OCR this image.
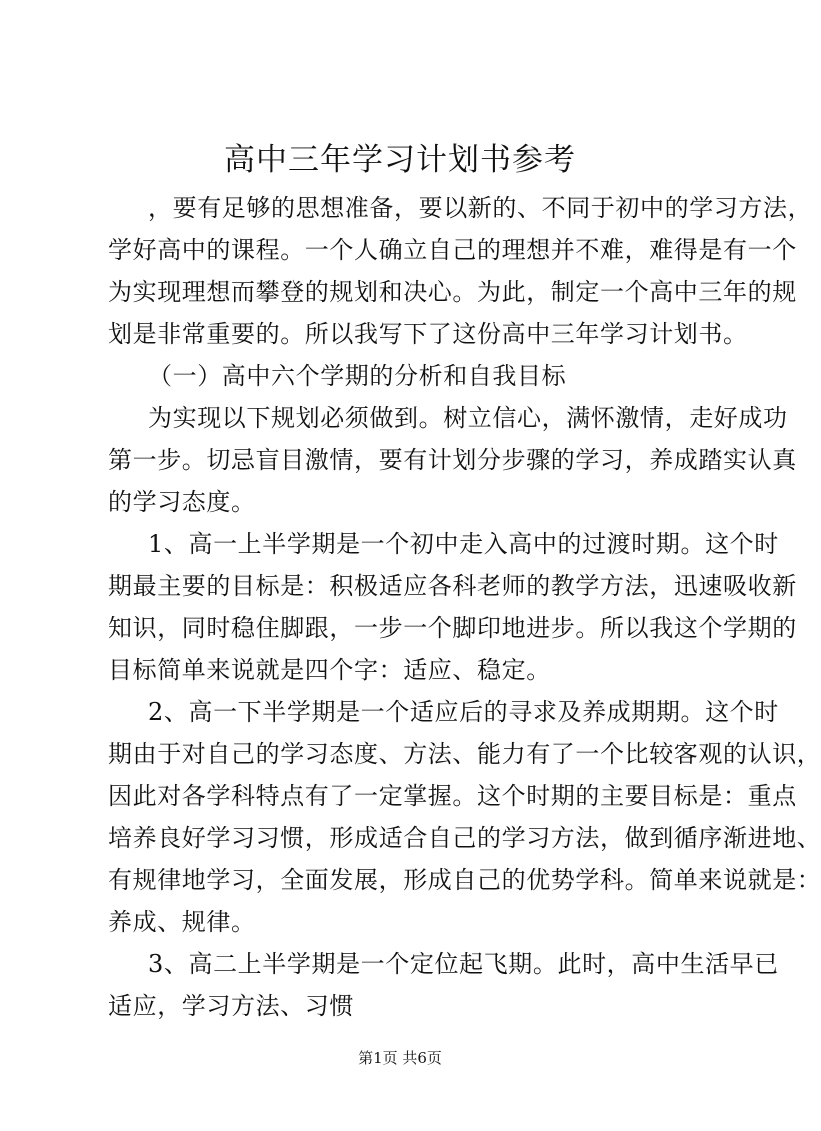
高中三年学习计划书参考
，要有足够的思想准备，要以新的、不同于初中的学习方法，
学好高中的课程。一个人确立自己的理想并不难，难得是有一个
为实现理想而攀登的规划和决心。为此，制定一个高中三年的规
划是非常重要的。所以我写下了这份高中三年学习计划书。
（一）高中六个学期的分析和自我目标
为实现以下规划必须做到。树立信心，满怀激情，走好成功
第一步。切忌盲目激情，要有计划分步骤的学习，养成踏实认真
的学习态度。
1、高一上半学期是一个初中走入高中的过渡时期。这个时
期最主要的目标是：积极适应各科老师的教学方法，迅速吸收新
知识，同时稳住脚跟，一步一个脚印地进步。所以我这个学期的
目标简单来说就是四个字：适应、稳定。
2、高一下半学期是一个适应后的寻求及养成期期。这个时
期由于对自己的学习态度、方法、能力有了一个比较客观的认识，
因此对各学科特点有了一定掌握。这个时期的主要目标是：重点
培养良好学习习惯，形成适合自己的学习方法，做到循序渐进地、
有规律地学习，全面发展，形成自己的优势学科。简单来说就是：
养成、规律。
3、高二上半学期是一个定位起飞期。此时，高中生活早已
适应，学习方法、习惯
第1页 共6页
